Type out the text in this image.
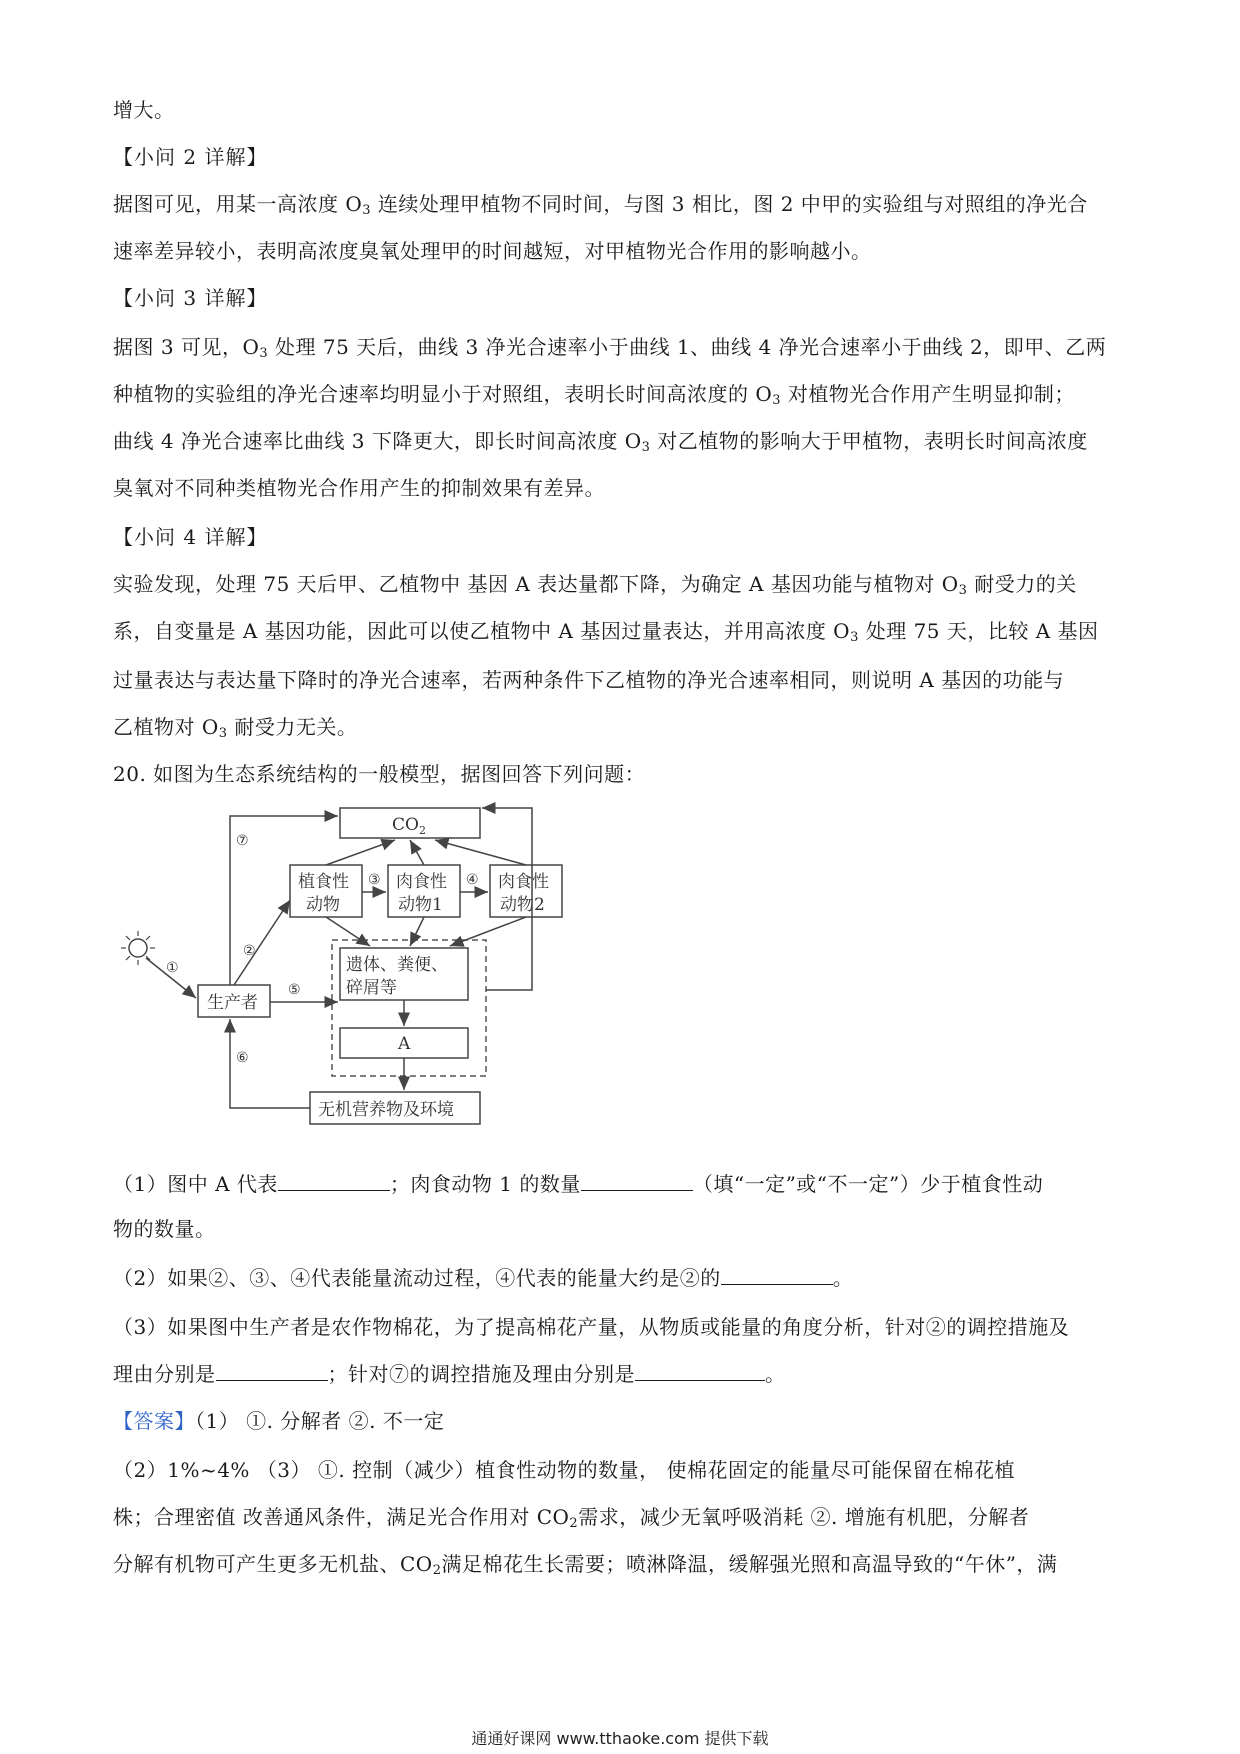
增大。
【小问 2 详解】
据图可见，用某一高浓度 $O_3$ 连续处理甲植物不同时间，与图 3 相比，图 2 中甲的实验组与对照组的净光合
速率差异较小，表明高浓度臭氧处理甲的时间越短，对甲植物光合作用的影响越小。
【小问 3 详解】
据图 3 可见，$O_3$ 处理 75 天后，曲线 3 净光合速率小于曲线 1、曲线 4 净光合速率小于曲线 2，即甲、乙两
种植物的实验组的净光合速率均明显小于对照组，表明长时间高浓度的 $O_3$ 对植物光合作用产生明显抑制；
曲线 4 净光合速率比曲线 3 下降更大，即长时间高浓度 $O_3$ 对乙植物的影响大于甲植物，表明长时间高浓度
臭氧对不同种类植物光合作用产生的抑制效果有差异。
【小问 4 详解】
实验发现，处理 75 天后甲、乙植物中 基因 A 表达量都下降，为确定 A 基因功能与植物对 $O_3$ 耐受力的关
系，自变量是 A 基因功能，因此可以使乙植物中 A 基因过量表达，并用高浓度 $O_3$ 处理 75 天，比较 A 基因
过量表达与表达量下降时的净光合速率，若两种条件下乙植物的净光合速率相同，则说明 A 基因的功能与
乙植物对 $O_3$ 耐受力无关。
20. 如图为生态系统结构的一般模型，据图回答下列问题：
$CO_2$
植食性
动物
肉食性
动物1
肉食性
动物2
③	④
①
生产者
②
⑦
遗体、粪便、
碎屑等
⑤
A
无机营养物及环境
⑥
（1）图中 A 代表	；肉食动物 1 的数量	（填“一定”或“不一定”）少于植食性动
物的数量。
（2）如果②、③、④代表能量流动过程，④代表的能量大约是②的	。
（3）如果图中生产者是农作物棉花，为了提高棉花产量，从物质或能量的角度分析，针对②的调控措施及
理由分别是	；针对⑦的调控措施及理由分别是	。
【答案】（1） ①. 分解者 ②. 不一定
（2）1%~4% （3） ①. 控制（减少）植食性动物的数量， 使棉花固定的能量尽可能保留在棉花植
株；合理密值 改善通风条件，满足光合作用对 $CO_2$需求，减少无氧呼吸消耗 ②. 增施有机肥，分解者
分解有机物可产生更多无机盐、$CO_2$满足棉花生长需要；喷淋降温，缓解强光照和高温导致的“午休”，满
通通好课网 www.tthaoke.com 提供下载
